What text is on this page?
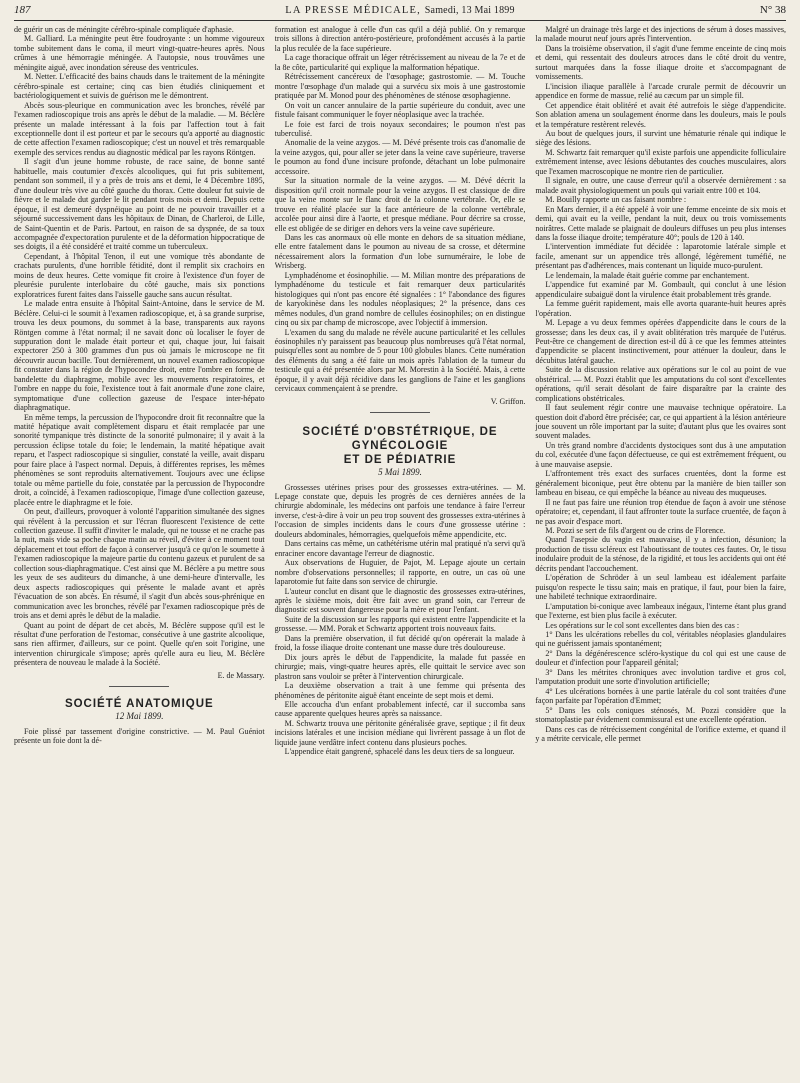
187	LA PRESSE MÉDICALE, Samedi, 13 Mai 1899	N° 38

de guérir un cas de méningite cérébro-spinale compliquée d'aphasie.

M. Galliard. La méningite peut être foudroyante : un homme vigoureux tombe subitement dans le coma, il meurt vingt-quatre-heures après. Nous crûmes à une hémorragie méningée. A l'autopsie, nous trouvâmes une méningite aiguë, avec inondation séreuse des ventricules.

M. Netter. L'efficacité des bains chauds dans le traitement de la méningite cérébro-spinale est certaine; cinq cas bien étudiés cliniquement et bactériologiquement et suivis de guérison me le démontrent.

Abcès sous-pleurique en communication avec les bronches, révélé par l'examen radioscopique trois ans après le début de la maladie. — M. Béclère présente un malade intéressant à la fois par l'affection tout à fait exceptionnelle dont il est porteur et par le secours qu'a apporté au diagnostic de cette affection l'examen radioscopique; c'est un nouvel et très remarquable exemple des services rendus au diagnostic médical par les rayons Röntgen.

Il s'agit d'un jeune homme robuste, de race saine, de bonne santé habituelle, mais coutumier d'excès alcooliques, qui fut pris subitement, pendant son sommeil, il y a près de trois ans et demi, le 4 Décembre 1895, d'une douleur très vive au côté gauche du thorax. Cette douleur fut suivie de fièvre et le malade dut garder le lit pendant trois mois et demi. Depuis cette époque, il est demeuré dyspnéique au point de ne pouvoir travailler et a séjourné successivement dans les hôpitaux de Dinan, de Charleroi, de Lille, de Saint-Quentin et de Paris. Partout, en raison de sa dyspnée, de sa toux accompagnée d'expectoration purulente et de la déformation hippocratique de ses doigts, il a été considéré et traité comme un tuberculeux.

Cependant, à l'hôpital Tenon, il eut une vomique très abondante de crachats purulents, d'une horrible fétidité, dont il remplit six crachoirs en moins de deux heures. Cette vomique fit croire à l'existence d'un foyer de pleurésie purulente interlobaire du côté gauche, mais six ponctions exploratrices furent faites dans l'aisselle gauche sans aucun résultat.

Le malade entra ensuite à l'hôpital Saint-Antoine, dans le service de M. Béclère. Celui-ci le soumit à l'examen radioscopique, et, à sa grande surprise, trouva les deux poumons, du sommet à la base, transparents aux rayons Röntgen comme à l'état normal; il ne savait donc où localiser le foyer de suppuration dont le malade était porteur et qui, chaque jour, lui faisait expectorer 250 à 300 grammes d'un pus où jamais le microscope ne fit découvrir aucun bacille. Tout dernièrement, un nouvel examen radioscopique fit constater dans la région de l'hypocondre droit, entre l'ombre en forme de bandelette du diaphragme, mobile avec les mouvements respiratoires, et l'ombre en nappe du foie, l'existence tout à fait anormale d'une zone claire, symptomatique d'une collection gazeuse de l'espace inter-hépato diaphragmatique.

En même temps, la percussion de l'hypocondre droit fit reconnaître que la matité hépatique avait complètement disparu et était remplacée par une sonorité tympanique très distincte de la sonorité pulmonaire; il y avait à la percussion éclipse totale du foie; le lendemain, la matité hépatique avait reparu, et l'aspect radioscopique si singulier, constaté la veille, avait disparu pour faire place à l'aspect normal. Depuis, à différentes reprises, les mêmes phénomènes se sont reproduits alternativement. Toujours avec une éclipse totale ou même partielle du foie, constatée par la percussion de l'hypocondre droit, a coïncidé, à l'examen radioscopique, l'image d'une collection gazeuse, placée entre le diaphragme et le foie.

On peut, d'ailleurs, provoquer à volonté l'apparition simultanée des signes qui révèlent à la percussion et sur l'écran fluorescent l'existence de cette collection gazeuse. Il suffit d'inviter le malade, qui ne tousse et ne crache pas la nuit, mais vide sa poche chaque matin au réveil, d'éviter à ce moment tout déplacement et tout effort de façon à conserver jusqu'à ce qu'on le soumette à l'examen radioscopique la majeure partie du contenu gazeux et purulent de sa collection sous-diaphragmatique. C'est ainsi que M. Béclère a pu mettre sous les yeux de ses auditeurs du dimanche, à une demi-heure d'intervalle, les deux aspects radioscopiques qui présente le malade avant et après l'évacuation de son abcès. En résumé, il s'agit d'un abcès sous-phrénique en communication avec les bronches, révélé par l'examen radioscopique près de trois ans et demi après le début de la maladie.

Quant au point de départ de cet abcès, M. Béclère suppose qu'il est le résultat d'une perforation de l'estomac, consécutive à une gastrite alcoolique, sans rien affirmer, d'ailleurs, sur ce point. Quelle qu'en soit l'origine, une intervention chirurgicale s'impose; après qu'elle aura eu lieu, M. Béclère présentera de nouveau le malade à la Société.

E. de Massary.
SOCIÉTÉ ANATOMIQUE
12 Mai 1899.

Foie plissé par tassement d'origine constrictive. — M. Paul Guéniot présente un foie dont la dé-

formation est analogue à celle d'un cas qu'il a déjà publié. On y remarque trois sillons à direction antéro-postérieure, profondément accusés à la partie la plus reculée de la face supérieure.

La cage thoracique offrait un léger rétrécissement au niveau de la 7e et de la 8e côte, particularité qui explique la malformation hépatique.

Rétrécissement cancéreux de l'œsophage; gastrostomie. — M. Touche montre l'œsophage d'un malade qui a survécu six mois à une gastrostomie pratiquée par M. Monod pour des phénomènes de sténose œsophagienne.

On voit un cancer annulaire de la partie supérieure du conduit, avec une fistule faisant communiquer le foyer néoplasique avec la trachée.

Le foie est farci de trois noyaux secondaires; le poumon n'est pas tuberculisé.

Anomalie de la veine azygos. — M. Dévé présente trois cas d'anomalie de la veine azygos, qui, pour aller se jeter dans la veine cave supérieure, traverse le poumon au fond d'une incisure profonde, détachant un lobe pulmonaire accessoire.

Sur la situation normale de la veine azygos. — M. Dévé décrit la disposition qu'il croit normale pour la veine azygos. Il est classique de dire que la veine monte sur le flanc droit de la colonne vertébrale. Or, elle se trouve en réalité placée sur la face antérieure de la colonne vertébrale, accolée pour ainsi dire à l'aorte, et presque médiane. Pour décrire sa crosse, elle est obligée de se diriger en dehors vers la veine cave supérieure.

Dans les cas anormaux où elle monte en dehors de sa situation médiane, elle entre fatalement dans le poumon au niveau de sa crosse, et détermine nécessairement alors la formation d'un lobe surnuméraire, le lobe de Wrisberg.

Lymphadénome et éosinophilie. — M. Milian montre des préparations de lymphadénome du testicule et fait remarquer deux particularités histologiques qui n'ont pas encore été signalées : 1° l'abondance des figures de karyokinèse dans les nodules néoplasiques; 2° la présence, dans ces mêmes nodules, d'un grand nombre de cellules éosinophiles; on en distingue cinq ou six par champ de microscope, avec l'objectif à immersion.

L'examen du sang du malade ne révèle aucune particularité et les cellules éosinophiles n'y paraissent pas beaucoup plus nombreuses qu'à l'état normal, puisqu'elles sont au nombre de 5 pour 100 globules blancs. Cette numération des éléments du sang a été faite un mois après l'ablation de la tumeur du testicule qui a été présentée alors par M. Morestin à la Société. Mais, à cette époque, il y avait déjà récidive dans les ganglions de l'aine et les ganglions cervicaux commençaient à se prendre.

V. Griffon.
SOCIÉTÉ D'OBSTÉTRIQUE, DE GYNÉCOLOGIE
ET DE PÉDIATRIE
5 Mai 1899.

Grossesses utérines prises pour des grossesses extra-utérines. — M. Lepage constate que, depuis les progrès de ces dernières années de la chirurgie abdominale, les médecins ont parfois une tendance à faire l'erreur inverse, c'est-à-dire à voir un peu trop souvent des grossesses extra-utérines à l'occasion de simples incidents dans le cours d'une grossesse utérine : douleurs abdominales, hémorragies, quelquefois même appendicite, etc.

Dans certains cas même, un cathétérisme utérin mal pratiqué n'a servi qu'à enraciner encore davantage l'erreur de diagnostic.

Aux observations de Huguier, de Pajot, M. Lepage ajoute un certain nombre d'observations personnelles; il rapporte, en outre, un cas où une laparotomie fut faite dans son service de chirurgie.

L'auteur conclut en disant que le diagnostic des grossesses extra-utérines, après le sixième mois, doit être fait avec un grand soin, car l'erreur de diagnostic est souvent dangereuse pour la mère et pour l'enfant.

Suite de la discussion sur les rapports qui existent entre l'appendicite et la grossesse. — MM. Porak et Schwartz apportent trois nouveaux faits.

Dans la première observation, il fut décidé qu'on opérerait la malade à froid, la fosse iliaque droite contenant une masse dure très douloureuse.

Dix jours après le début de l'appendicite, la malade fut passée en chirurgie; mais, vingt-quatre heures après, elle quittait le service avec son plastron sans vouloir se prêter à l'intervention chirurgicale.

La deuxième observation a trait à une femme qui présenta des phénomènes de péritonite aiguë étant enceinte de sept mois et demi.

Elle accoucha d'un enfant probablement infecté, car il succomba sans cause apparente quelques heures après sa naissance.

M. Schwartz trouva une péritonite généralisée grave, septique ; il fit deux incisions latérales et une incision médiane qui livrèrent passage à un flot de liquide jaune verdâtre infect contenu dans plusieurs poches.

L'appendice était gangrené, sphacelé dans les deux tiers de sa longueur.

Malgré un drainage très large et des injections de sérum à doses massives, la malade mourut neuf jours après l'intervention.

Dans la troisième observation, il s'agit d'une femme enceinte de cinq mois et demi, qui ressentait des douleurs atroces dans le côté droit du ventre, surtout marquées dans la fosse iliaque droite et s'accompagnant de vomissements.

L'incision iliaque parallèle à l'arcade crurale permit de découvrir un appendice en forme de massue, relié au cæcum par un simple fil.

Cet appendice était oblitéré et avait été autrefois le siège d'appendicite. Son ablation amena un soulagement énorme dans les douleurs, mais le pouls et la température restèrent relevés.

Au bout de quelques jours, il survint une hématurie rénale qui indique le siège des lésions.

M. Schwartz fait remarquer qu'il existe parfois une appendicite folliculaire extrêmement intense, avec lésions débutantes des couches musculaires, alors que l'examen macroscopique ne montre rien de particulier.

Il signale, en outre, une cause d'erreur qu'il a observée dernièrement : sa malade avait physiologiquement un pouls qui variait entre 100 et 104.

M. Bouilly rapporte un cas faisant nombre :

En Mars dernier, il a été appelé à voir une femme enceinte de six mois et demi, qui avait eu la veille, pendant la nuit, deux ou trois vomissements noirâtres. Cette malade se plaignait de douleurs diffuses un peu plus intenses dans la fosse iliaque droite; température 40°; pouls de 120 à 140.

L'intervention immédiate fut décidée : laparotomie latérale simple et facile, amenant sur un appendice très allongé, légèrement tuméfié, ne présentant pas d'adhérences, mais contenant un liquide muco-purulent.

Le lendemain, la malade était guérie comme par enchantement.

L'appendice fut examiné par M. Gombault, qui conclut à une lésion appendiculaire subaiguë dont la virulence était probablement très grande.

La femme guérit rapidement, mais elle avorta quarante-huit heures après l'opération.

M. Lepage a vu deux femmes opérées d'appendicite dans le cours de la grossesse; dans les deux cas, il y avait oblitération très marquée de l'utérus. Peut-être ce changement de direction est-il dû à ce que les femmes atteintes d'appendicite se placent instinctivement, pour atténuer la douleur, dans le décubitus latéral gauche.

Suite de la discussion relative aux opérations sur le col au point de vue obstétrical. — M. Pozzi établit que les amputations du col sont d'excellentes opérations, qu'il serait désolant de faire disparaître par la crainte des complications obstétricales.

Il faut seulement régir contre une mauvaise technique opératoire. La question doit d'abord être précisée; car, ce qui appartient à la lésion antérieure joue souvent un rôle important par la suite; d'autant plus que les ovaires sont souvent malades.

Un très grand nombre d'accidents dystociques sont dus à une amputation du col, exécutée d'une façon défectueuse, ce qui est extrêmement fréquent, ou à une mauvaise asepsie.

L'affrontement très exact des surfaces cruentées, dont la forme est généralement biconique, peut être obtenu par la manière de bien tailler son lambeau en biseau, ce qui empêche la béance au niveau des muqueuses.

Il ne faut pas faire une réunion trop étendue de façon à avoir une sténose opératoire; et, cependant, il faut affronter toute la surface cruentée, de façon à ne pas avoir d'espace mort.

M. Pozzi se sert de fils d'argent ou de crins de Florence.

Quand l'asepsie du vagin est mauvaise, il y a infection, désunion; la production de tissu scléreux est l'aboutissant de toutes ces fautes. Or, le tissu inodulaire produit de la sténose, de la rigidité, et tous les accidents qui ont été décrits pendant l'accouchement.

L'opération de Schröder à un seul lambeau est idéalement parfaite puisqu'on respecte le tissu sain; mais en pratique, il faut, pour bien la faire, une habileté technique extraordinaire.

L'amputation bi-conique avec lambeaux inégaux, l'interne étant plus grand que l'externe, est bien plus facile à exécuter.

Les opérations sur le col sont excellentes dans bien des cas :

1° Dans les ulcérations rebelles du col, véritables néoplasies glandulaires qui ne guérissent jamais spontanément;

2° Dans la dégénérescence scléro-kystique du col qui est une cause de douleur et d'infection pour l'appareil génital;

3° Dans les métrites chroniques avec involution tardive et gros col, l'amputation produit une sorte d'involution artificielle;

4° Les ulcérations bornées à une partie latérale du col sont traitées d'une façon parfaite par l'opération d'Emmet;

5° Dans les cols coniques sténosés, M. Pozzi considère que la stomatoplastie par évidement commissural est une excellente opération.

Dans ces cas de rétrécissement congénital de l'orifice externe, et quand il y a métrite cervicale, elle permet
